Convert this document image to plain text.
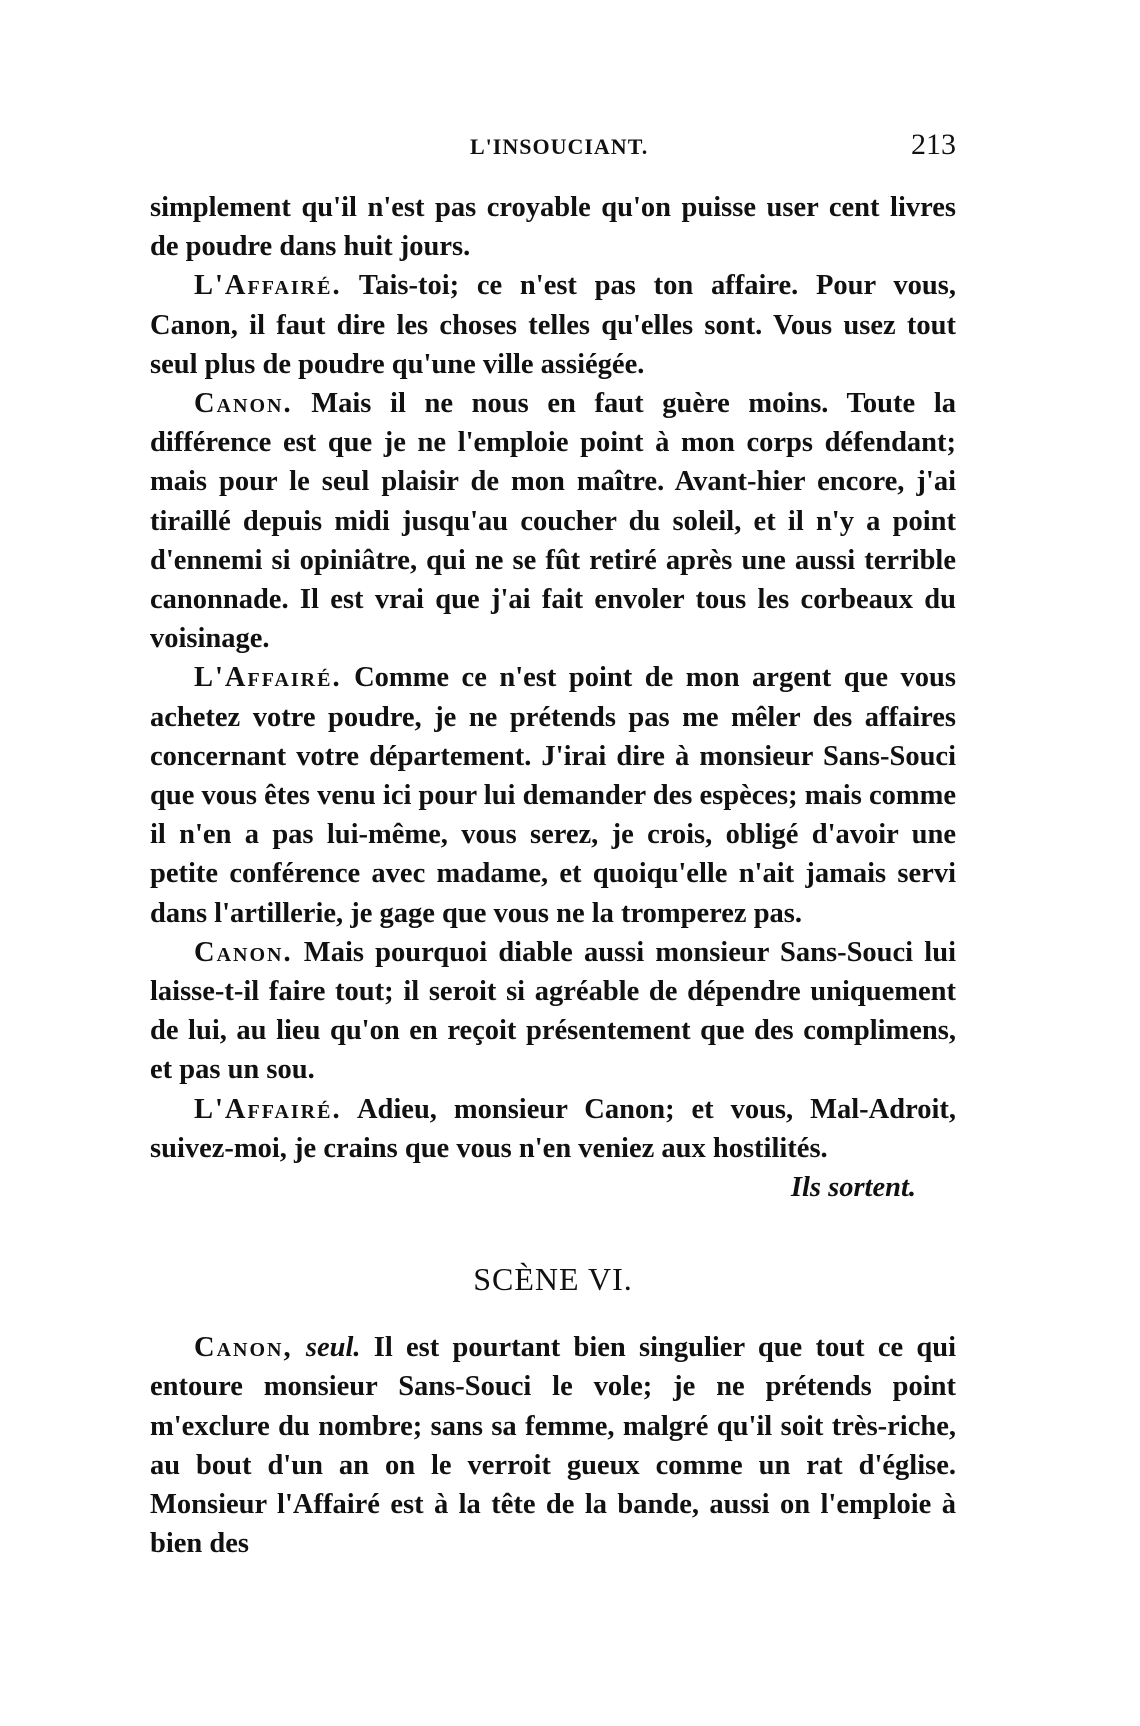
L'INSOUCIANT.	213

simplement qu'il n'est pas croyable qu'on puisse user cent livres de poudre dans huit jours.

L'Affairé. Tais-toi; ce n'est pas ton affaire. Pour vous, Canon, il faut dire les choses telles qu'elles sont. Vous usez tout seul plus de poudre qu'une ville assiégée.

Canon. Mais il ne nous en faut guère moins. Toute la différence est que je ne l'emploie point à mon corps défendant; mais pour le seul plaisir de mon maître. Avant-hier encore, j'ai tiraillé depuis midi jusqu'au coucher du soleil, et il n'y a point d'ennemi si opiniâtre, qui ne se fût retiré après une aussi terrible canonnade. Il est vrai que j'ai fait envoler tous les corbeaux du voisinage.

L'Affairé. Comme ce n'est point de mon argent que vous achetez votre poudre, je ne prétends pas me mêler des affaires concernant votre département. J'irai dire à monsieur Sans-Souci que vous êtes venu ici pour lui demander des espèces; mais comme il n'en a pas lui-même, vous serez, je crois, obligé d'avoir une petite conférence avec madame, et quoiqu'elle n'ait jamais servi dans l'artillerie, je gage que vous ne la tromperez pas.

Canon. Mais pourquoi diable aussi monsieur Sans-Souci lui laisse-t-il faire tout; il seroit si agréable de dépendre uniquement de lui, au lieu qu'on en reçoit présentement que des complimens, et pas un sou.

L'Affairé. Adieu, monsieur Canon; et vous, Mal-Adroit, suivez-moi, je crains que vous n'en veniez aux hostilités.

Ils sortent.

SCÈNE VI.

Canon, seul. Il est pourtant bien singulier que tout ce qui entoure monsieur Sans-Souci le vole; je ne prétends point m'exclure du nombre; sans sa femme, malgré qu'il soit très-riche, au bout d'un an on le verroit gueux comme un rat d'église. Monsieur l'Affairé est à la tête de la bande, aussi on l'emploie à bien des
